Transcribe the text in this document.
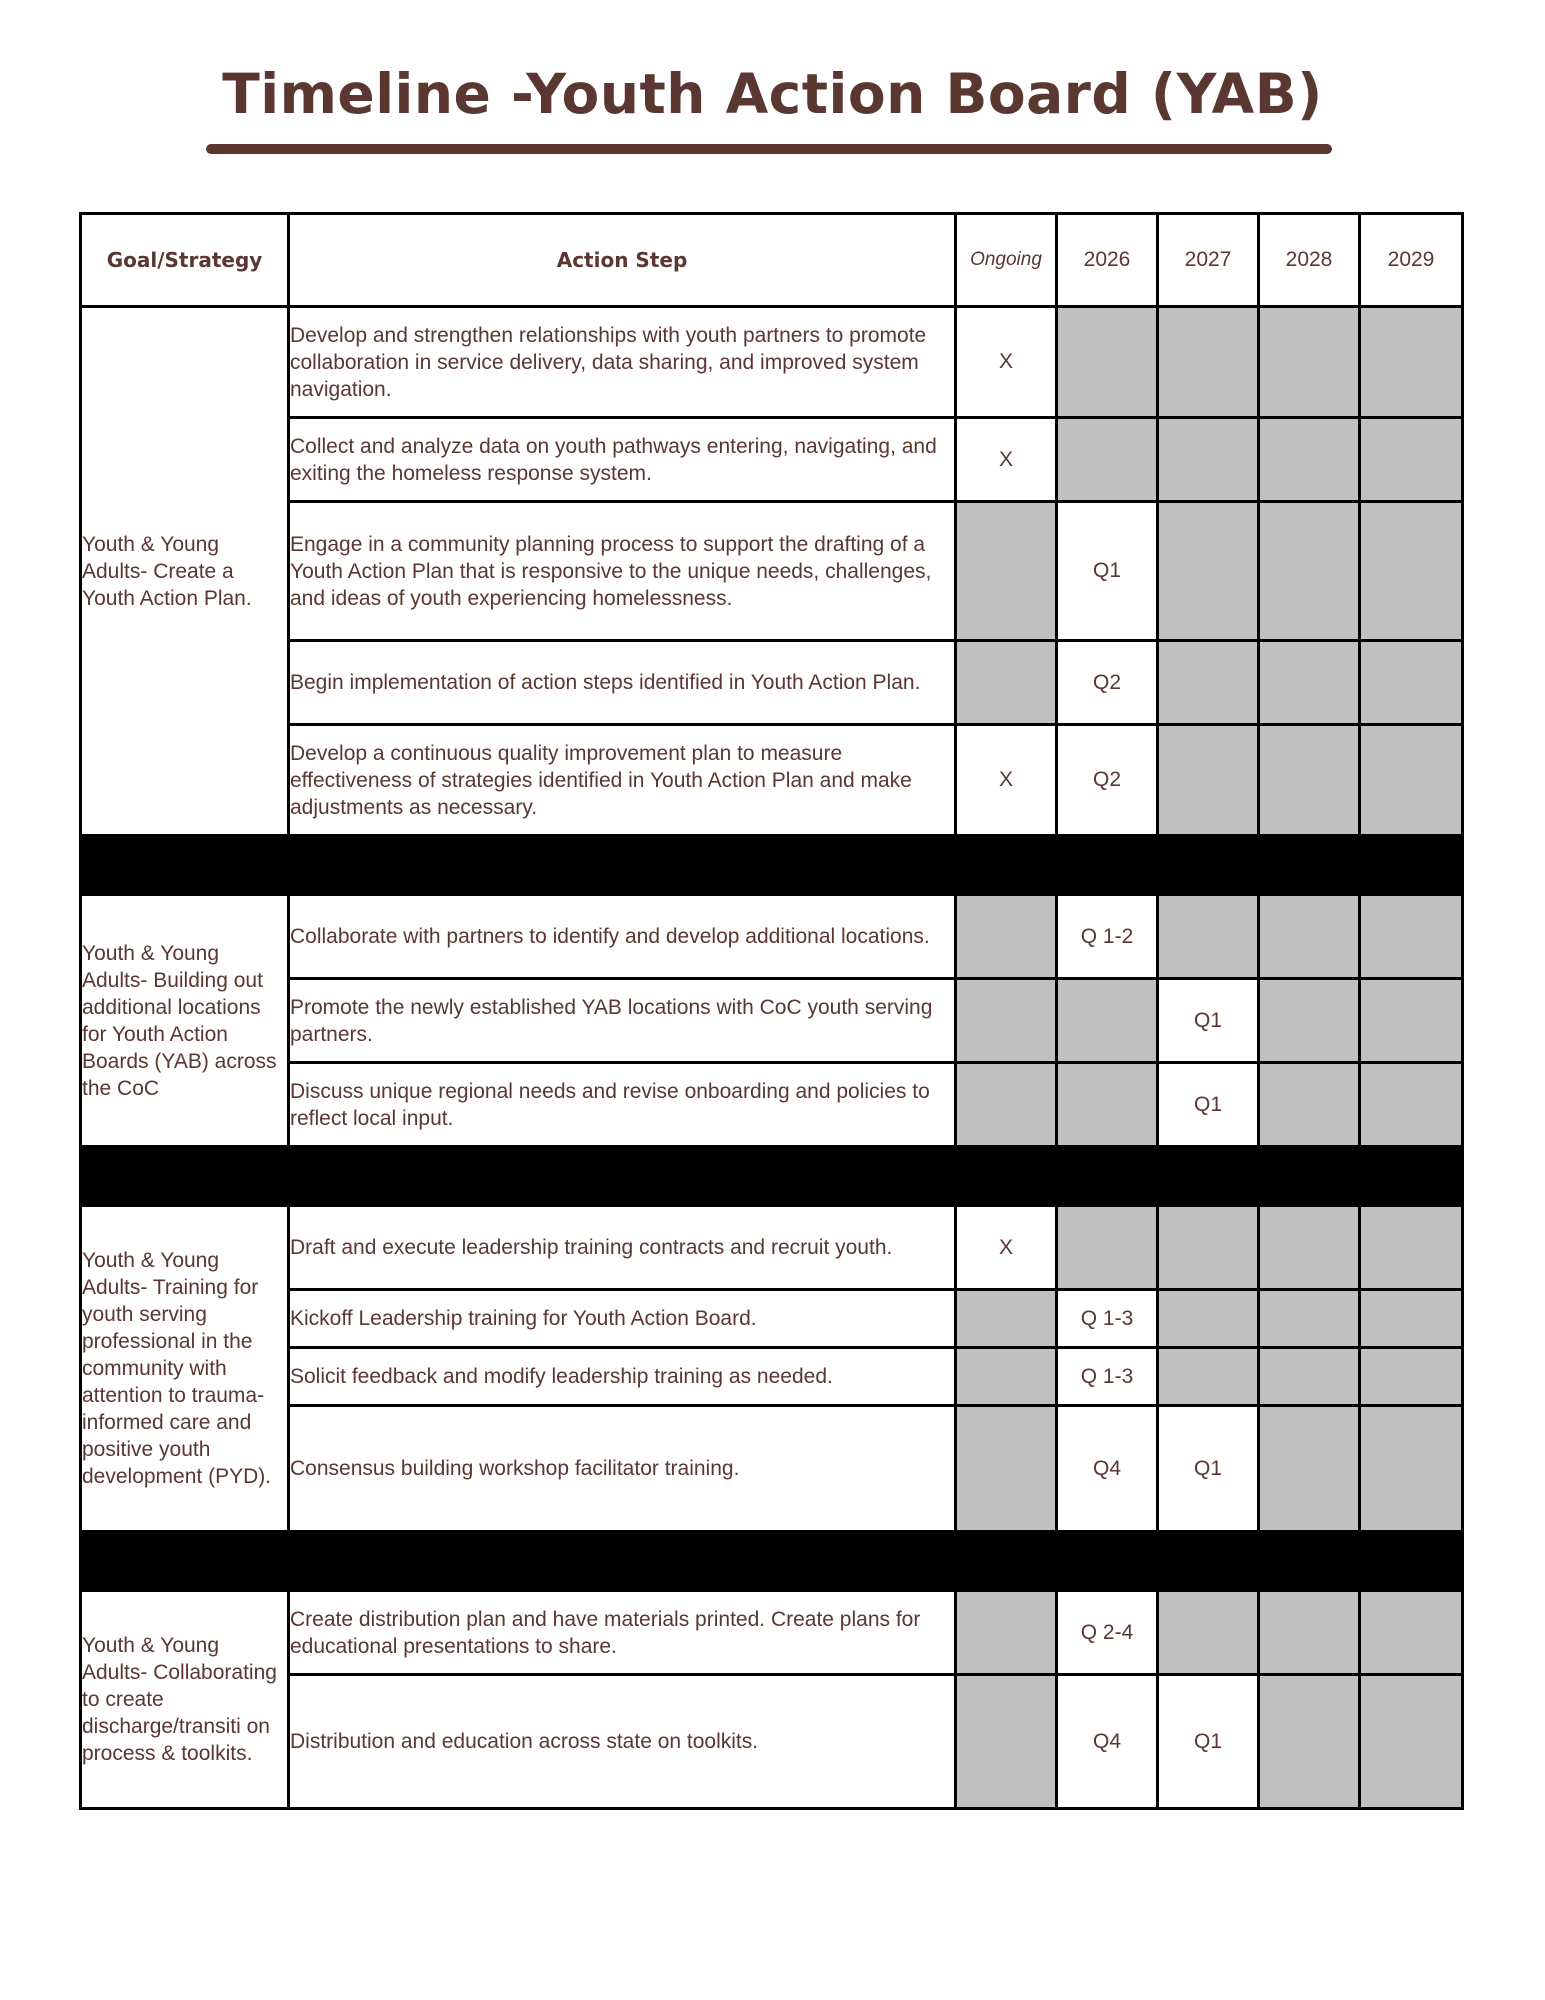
Timeline -Youth Action Board (YAB)
Goal/Strategy	Action Step	Ongoing	2026	2027	2028	2029
Youth & Young Adults- Create a Youth Action Plan.	Develop and strengthen relationships with youth partners to promote collaboration in service delivery, data sharing, and improved system navigation.	X				
	Collect and analyze data on youth pathways entering, navigating, and exiting the homeless response system.	X				
	Engage in a community planning process to support the drafting of a Youth Action Plan that is responsive to the unique needs, challenges, and ideas of youth experiencing homelessness.		Q1			
	Begin implementation of action steps identified in Youth Action Plan.		Q2			
	Develop a continuous quality improvement plan to measure effectiveness of strategies identified in Youth Action Plan and make adjustments as necessary.	X	Q2			

Youth & Young Adults- Building out additional locations for Youth Action Boards (YAB) across the CoC	Collaborate with partners to identify and develop additional locations.		Q 1-2			
	Promote the newly established YAB locations with CoC youth serving partners.			Q1		
	Discuss unique regional needs and revise onboarding and policies to reflect local input.			Q1		

Youth & Young Adults- Training for youth serving professional in the community with attention to trauma-informed care and positive youth development (PYD).	Draft and execute leadership training contracts and recruit youth.	X				
	Kickoff Leadership training for Youth Action Board.		Q 1-3			
	Solicit feedback and modify leadership training as needed.		Q 1-3			
	Consensus building workshop facilitator training.		Q4	Q1		

Youth & Young Adults- Collaborating to create discharge/transiti on process & toolkits.	Create distribution plan and have materials printed. Create plans for educational presentations to share.		Q 2-4			
	Distribution and education across state on toolkits.		Q4	Q1		
